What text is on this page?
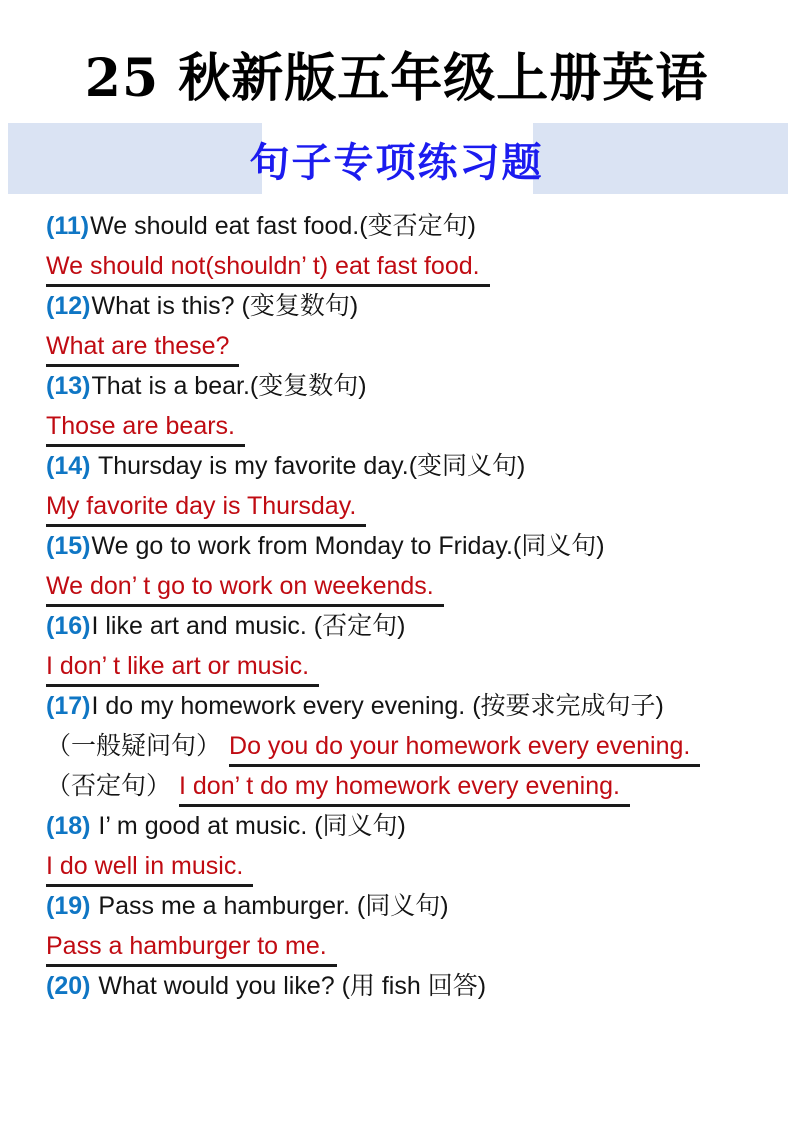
25 秋新版五年级上册英语
句子专项练习题
(11)We should eat fast food.(变否定句)
We should not(shouldn’ t) eat fast food.
(12)What is this? (变复数句)
What are these?
(13)That is a bear.(变复数句)
Those are bears.
(14) Thursday is my favorite day.(变同义句)
My favorite day is Thursday.
(15)We go to work from Monday to Friday.(同义句)
We don’ t go to work on weekends.
(16)I like art and music. (否定句)
I don’ t like art or music.
(17)I do my homework every evening. (按要求完成句子)
（一般疑问句） Do you do your homework every evening.
（否定句） I don’ t do my homework every evening.
(18) I’ m good at music. (同义句)
I do well in music.
(19) Pass me a hamburger. (同义句)
Pass a hamburger to me.
(20) What would you like? (用 fish 回答)
